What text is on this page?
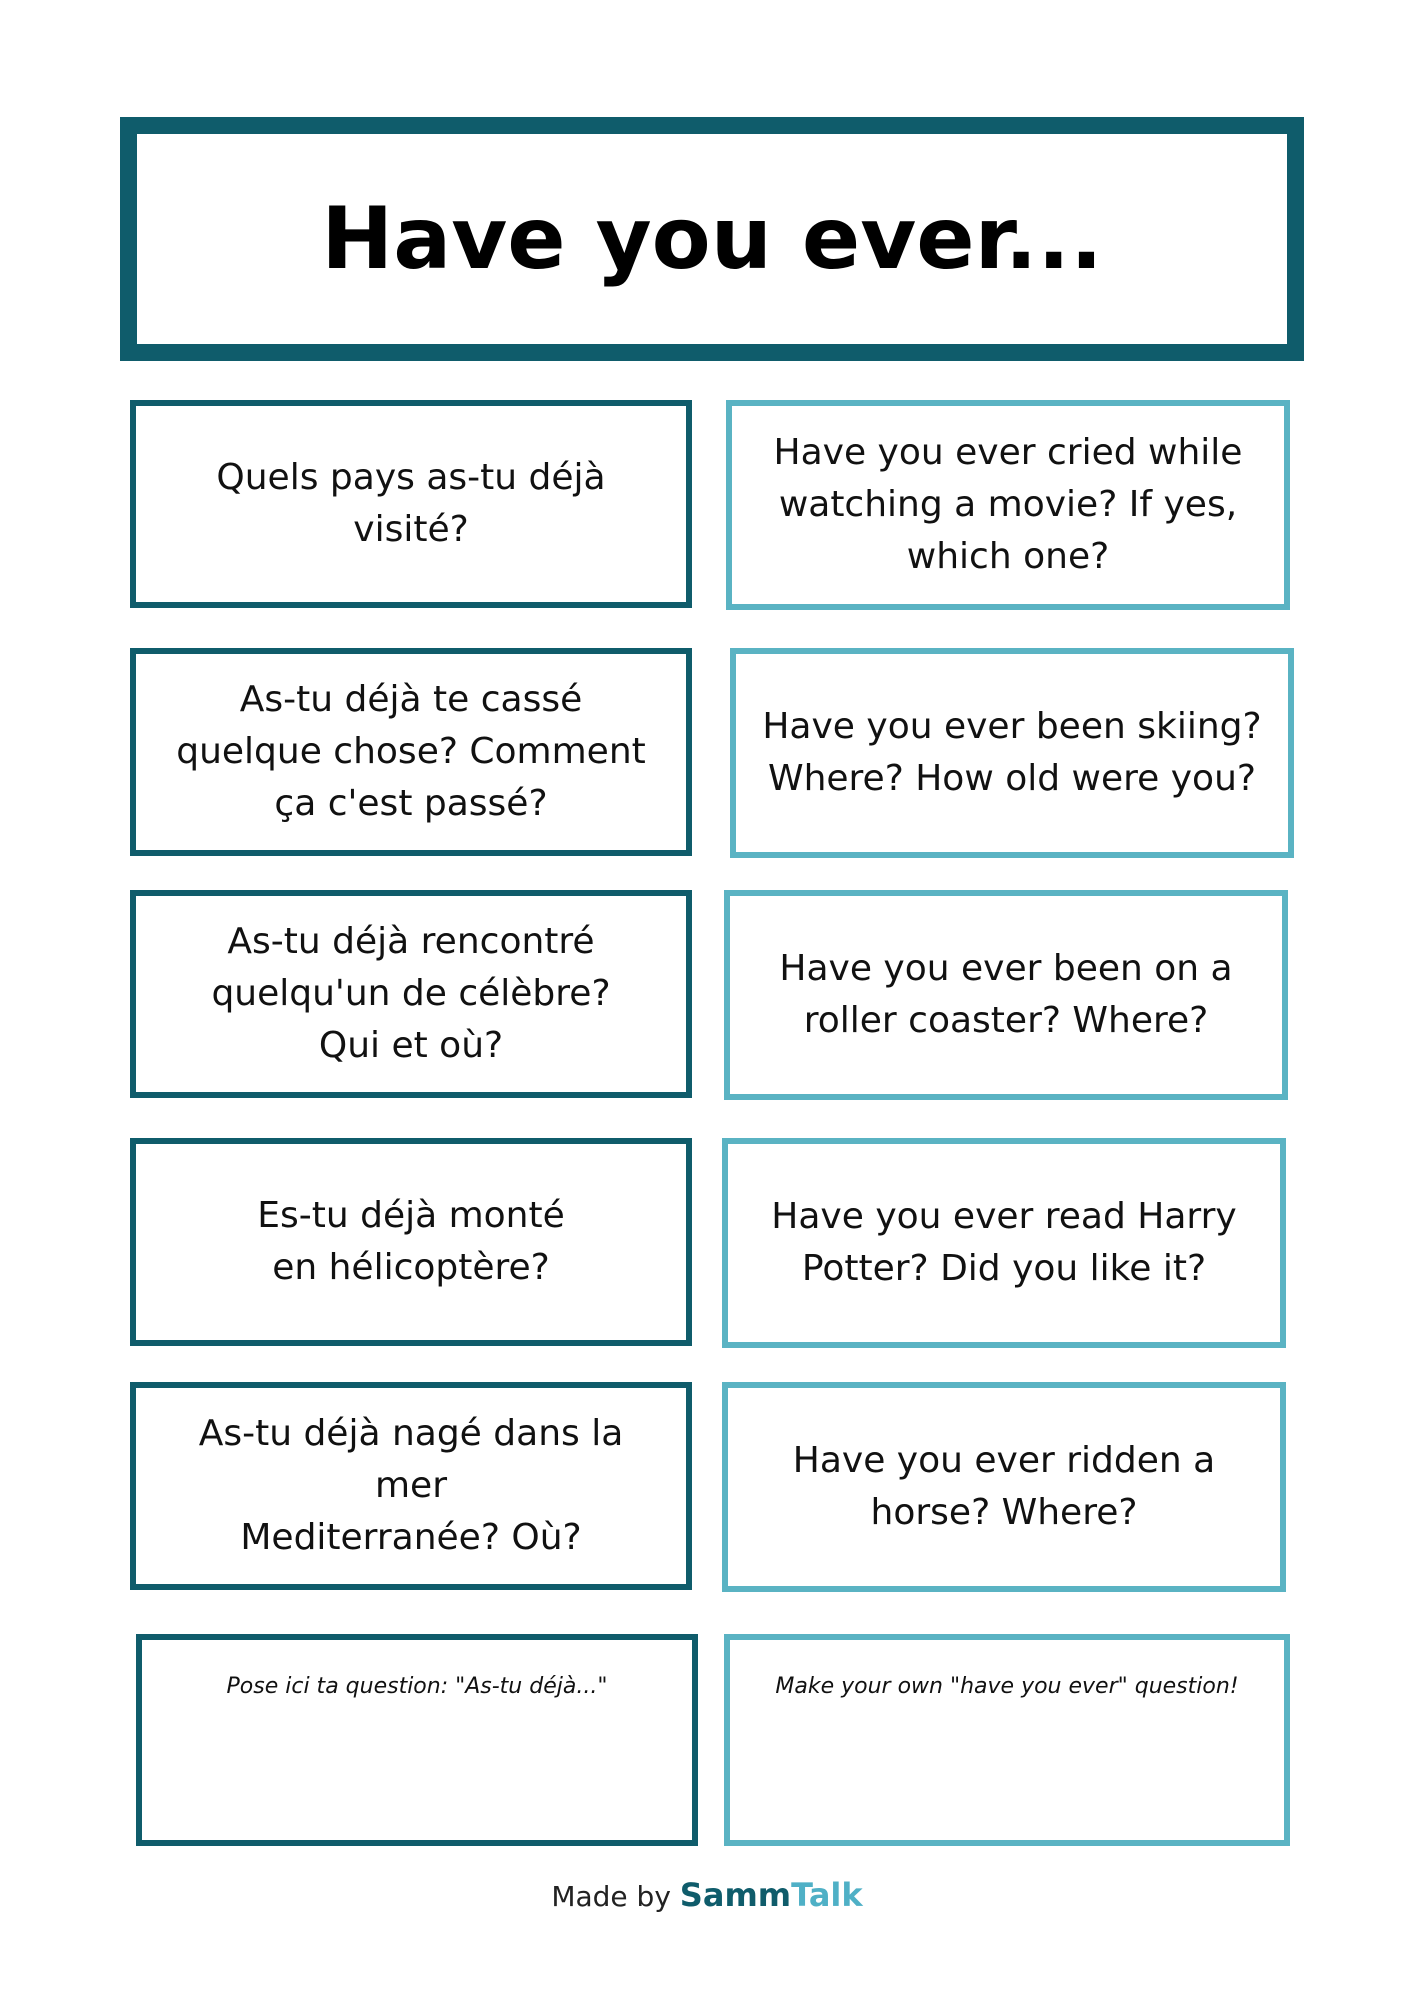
Have you ever...
Quels pays as-tu déjà
visité?
As-tu déjà te cassé
quelque chose? Comment
ça c'est passé?
As-tu déjà rencontré
quelqu'un de célèbre?
Qui et où?
Es-tu déjà monté
en hélicoptère?
As-tu déjà nagé dans la mer
Mediterranée? Où?
Have you ever cried while
watching a movie? If yes,
which one?
Have you ever been skiing?
Where? How old were you?
Have you ever been on a
roller coaster? Where?
Have you ever read Harry
Potter? Did you like it?
Have you ever ridden a
horse? Where?
Pose ici ta question: "As-tu déjà..."	Make your own "have you ever" question!
Made by SammTalk
